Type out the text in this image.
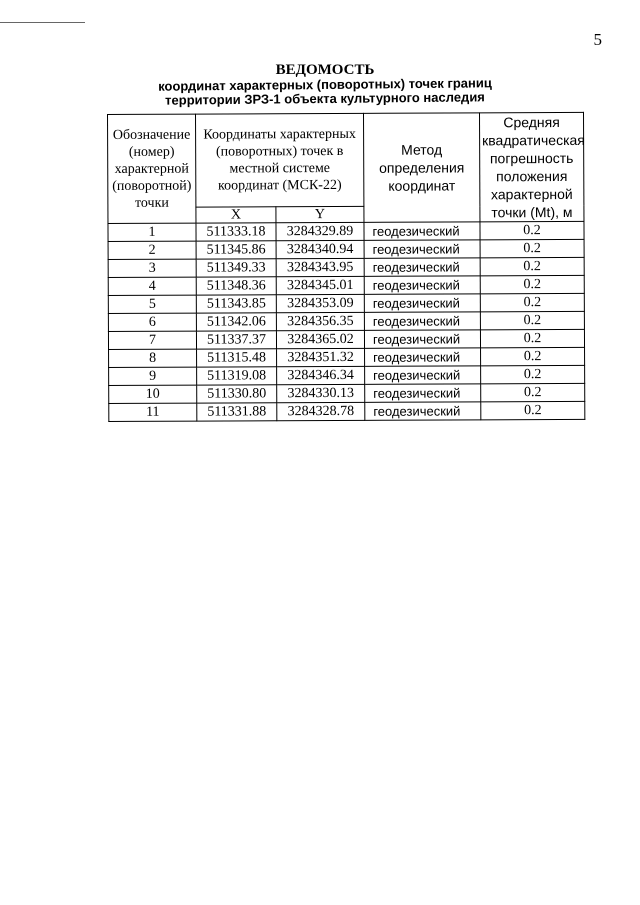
5
ВЕДОМОСТЬ
координат характерных (поворотных) точек границ
территории ЗРЗ-1 объекта культурного наследия
Обозначение (номер) характерной (поворотной) точки	Координаты характерных (поворотных) точек в местной системе координат (МСК-22)		Метод определения координат	Средняя квадратическая погрешность положения характерной точки (Mt), м
	X	Y		
1	511333.18	3284329.89	геодезический	0.2
2	511345.86	3284340.94	геодезический	0.2
3	511349.33	3284343.95	геодезический	0.2
4	511348.36	3284345.01	геодезический	0.2
5	511343.85	3284353.09	геодезический	0.2
6	511342.06	3284356.35	геодезический	0.2
7	511337.37	3284365.02	геодезический	0.2
8	511315.48	3284351.32	геодезический	0.2
9	511319.08	3284346.34	геодезический	0.2
10	511330.80	3284330.13	геодезический	0.2
11	511331.88	3284328.78	геодезический	0.2
